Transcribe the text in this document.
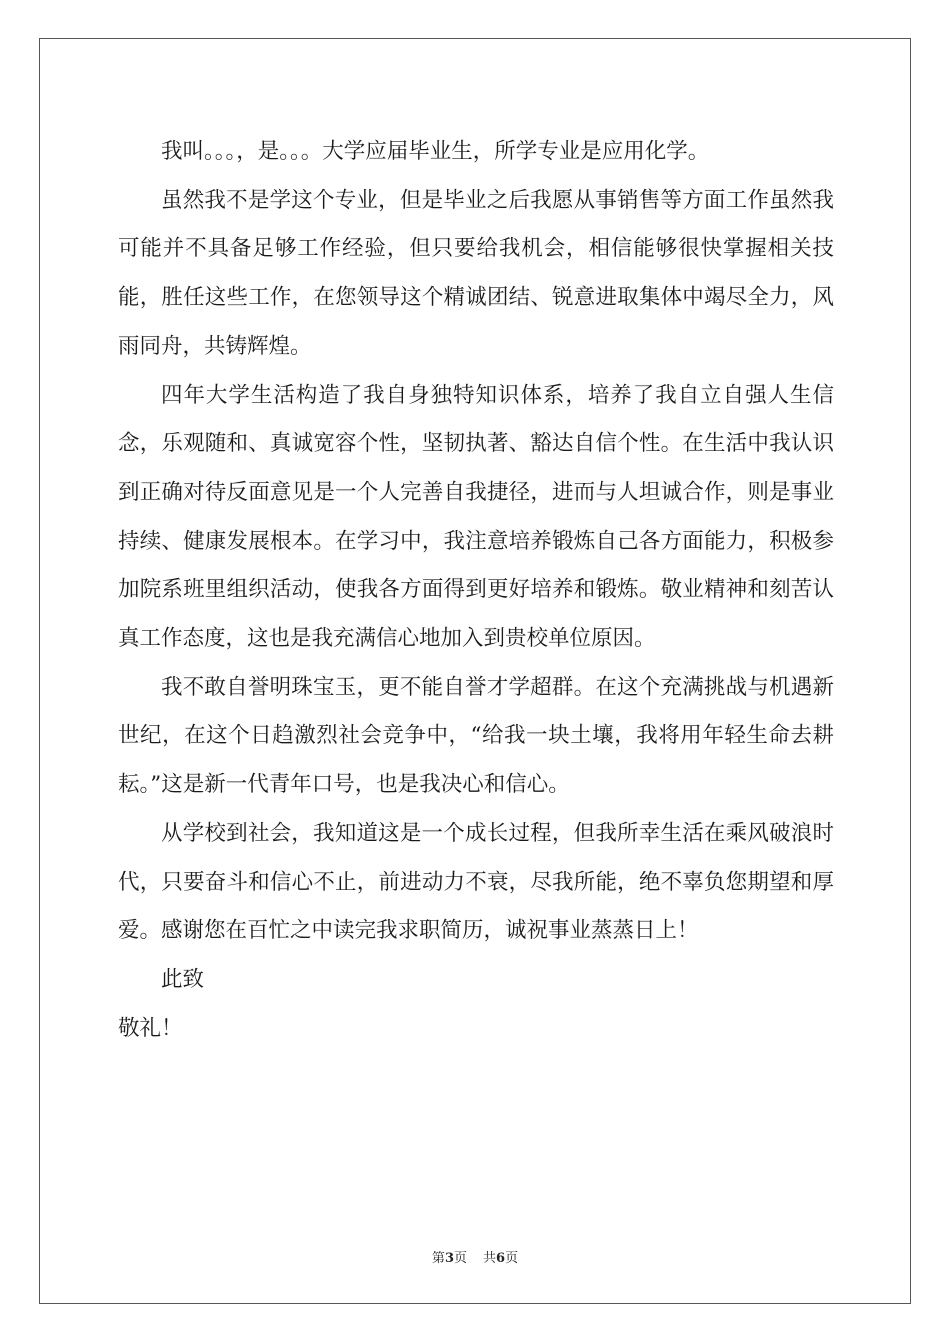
我叫。。。，是。。。大学应届毕业生，所学专业是应用化学。

虽然我不是学这个专业，但是毕业之后我愿从事销售等方面工作虽然我可能并不具备足够工作经验，但只要给我机会，相信能够很快掌握相关技能，胜任这些工作，在您领导这个精诚团结、锐意进取集体中竭尽全力，风雨同舟，共铸辉煌。

四年大学生活构造了我自身独特知识体系，培养了我自立自强人生信念，乐观随和、真诚宽容个性，坚韧执著、豁达自信个性。在生活中我认识到正确对待反面意见是一个人完善自我捷径，进而与人坦诚合作，则是事业持续、健康发展根本。在学习中，我注意培养锻炼自己各方面能力，积极参加院系班里组织活动，使我各方面得到更好培养和锻炼。敬业精神和刻苦认真工作态度，这也是我充满信心地加入到贵校单位原因。

我不敢自誉明珠宝玉，更不能自誉才学超群。在这个充满挑战与机遇新世纪，在这个日趋激烈社会竞争中，“给我一块土壤，我将用年轻生命去耕耘。”这是新一代青年口号，也是我决心和信心。

从学校到社会，我知道这是一个成长过程，但我所幸生活在乘风破浪时代，只要奋斗和信心不止，前进动力不衰，尽我所能，绝不辜负您期望和厚爱。感谢您在百忙之中读完我求职简历，诚祝事业蒸蒸日上！

此致

敬礼！

第3页 共6页
